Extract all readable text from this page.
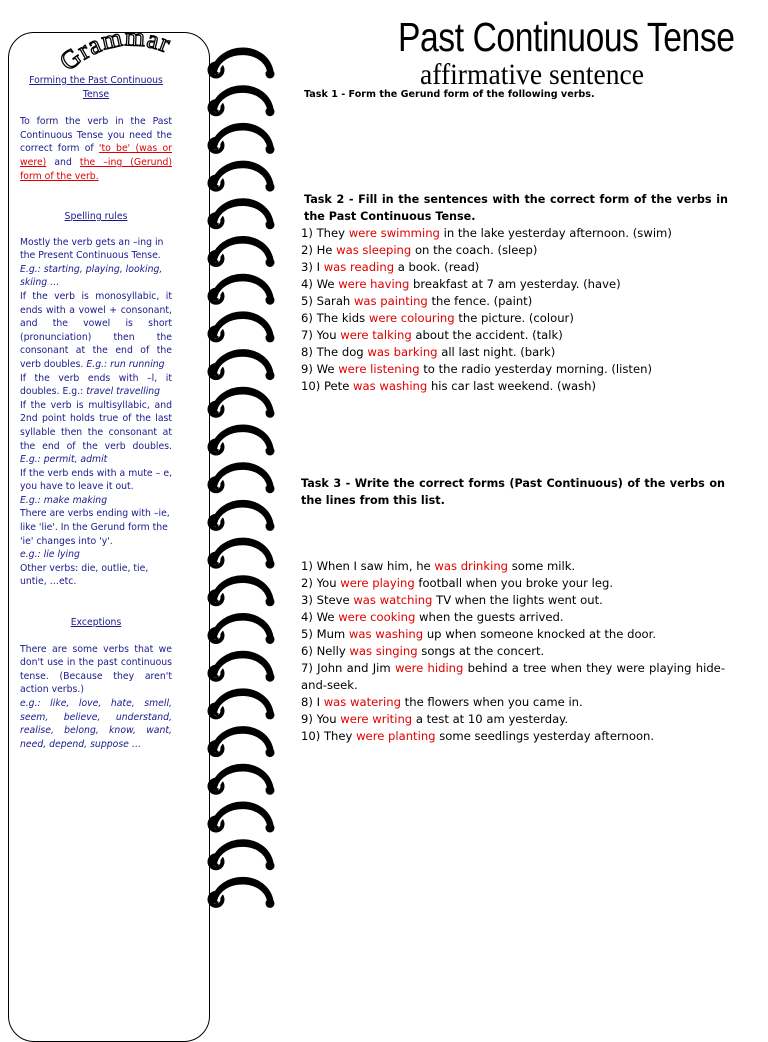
Grammar
Forming the Past Continuous Tense
To form the verb in the Past Continuous Tense you need the correct form of 'to be' (was or were) and the –ing (Gerund) form of the verb.
Spelling rules
Mostly the verb gets an –ing in the Present Continuous Tense.
E.g.: starting, playing, looking, skiing …
If the verb is monosyllabic, it ends with a vowel + consonant, and the vowel is short (pronunciation) then the consonant at the end of the verb doubles. E.g.: run running
If the verb ends with –l, it doubles. E.g.: travel travelling
If the verb is multisyllabic, and 2nd point holds true of the last syllable then the consonant at the end of the verb doubles. E.g.: permit, admit
If the verb ends with a mute – e, you have to leave it out.
E.g.: make making
There are verbs ending with –ie, like 'lie'. In the Gerund form the 'ie' changes into 'y'.
e.g.: lie lying
Other verbs: die, outlie, tie, untie, …etc.
Exceptions
There are some verbs that we don't use in the past continuous tense. (Because they aren't action verbs.)
e.g.: like, love, hate, smell, seem, believe, understand, realise, belong, know, want, need, depend, suppose …
Past Continuous Tense
affirmative sentence
Task 1 - Form the Gerund form of the following verbs.
Task 2 - Fill in the sentences with the correct form of the verbs in the Past Continuous Tense.
1) They were swimming in the lake yesterday afternoon. (swim)
2) He was sleeping on the coach. (sleep)
3) I was reading a book. (read)
4) We were having breakfast at 7 am yesterday. (have)
5) Sarah was painting the fence. (paint)
6) The kids were colouring the picture. (colour)
7) You were talking about the accident. (talk)
8) The dog was barking all last night. (bark)
9) We were listening to the radio yesterday morning. (listen)
10) Pete was washing his car last weekend. (wash)
Task 3 - Write the correct forms (Past Continuous) of the verbs on the lines from this list.
1) When I saw him, he was drinking some milk.
2) You were playing football when you broke your leg.
3) Steve was watching TV when the lights went out.
4) We were cooking when the guests arrived.
5) Mum was washing up when someone knocked at the door.
6) Nelly was singing songs at the concert.
7) John and Jim were hiding behind a tree when they were playing hide-and-seek.
8) I was watering the flowers when you came in.
9) You were writing a test at 10 am yesterday.
10) They were planting some seedlings yesterday afternoon.
